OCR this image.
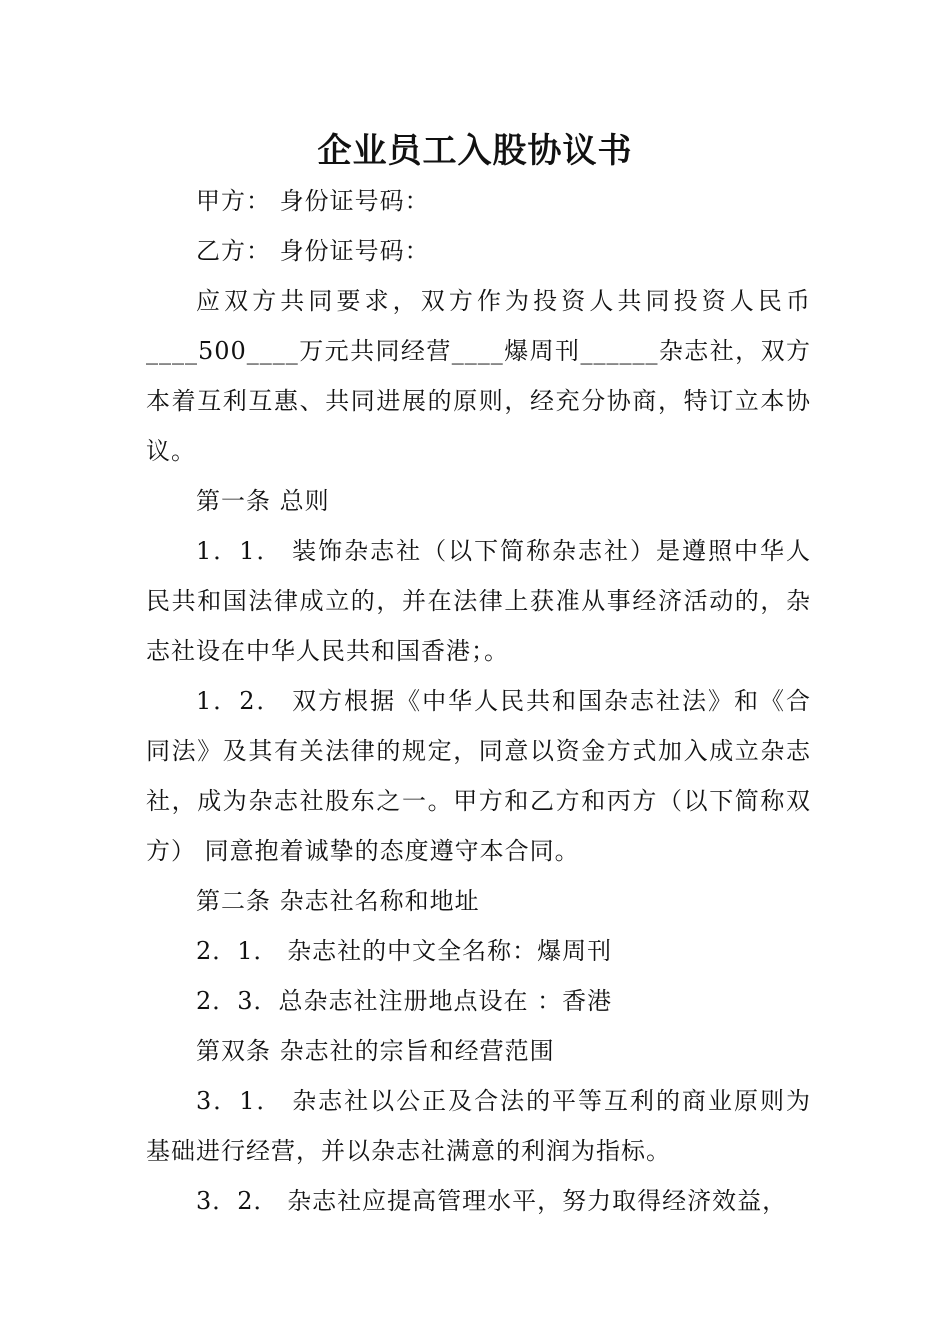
企业员工入股协议书

甲方： 身份证号码：

乙方： 身份证号码：

应双方共同要求，双方作为投资人共同投资人民币____500____万元共同经营____爆周刊______杂志社，双方本着互利互惠、共同进展的原则，经充分协商，特订立本协议。

第一条 总则

1．1． 装饰杂志社（以下简称杂志社）是遵照中华人民共和国法律成立的，并在法律上获准从事经济活动的，杂志社设在中华人民共和国香港；。

1．2． 双方根据《中华人民共和国杂志社法》和《合同法》及其有关法律的规定，同意以资金方式加入成立杂志社，成为杂志社股东之一。甲方和乙方和丙方（以下简称双方） 同意抱着诚挚的态度遵守本合同。

第二条 杂志社名称和地址

2．1． 杂志社的中文全名称：爆周刊

2．3．总杂志社注册地点设在 ：香港

第双条 杂志社的宗旨和经营范围

3．1． 杂志社以公正及合法的平等互利的商业原则为基础进行经营，并以杂志社满意的利润为指标。

3．2． 杂志社应提高管理水平，努力取得经济效益，
